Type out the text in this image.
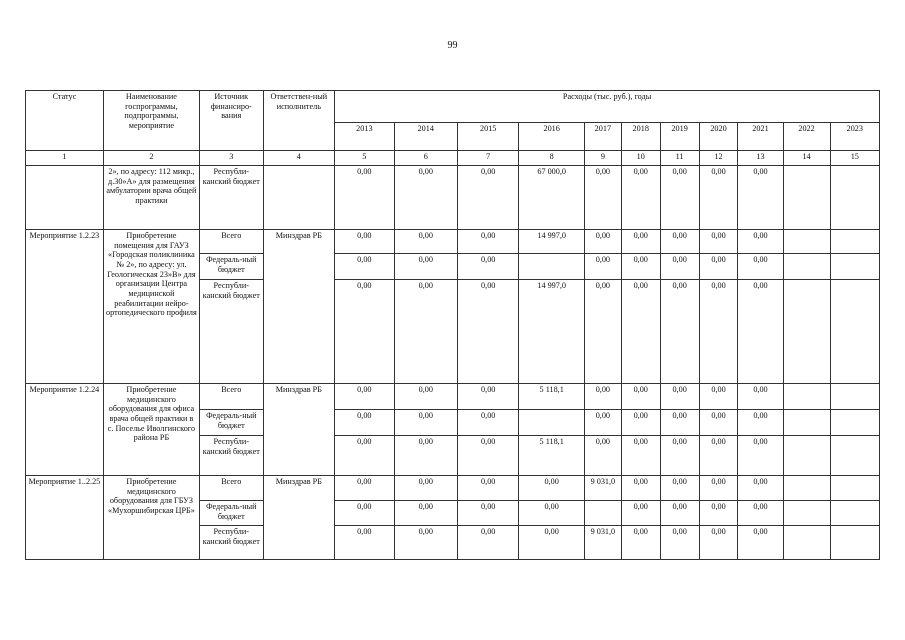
99
Статус	Наименование госпрограммы, подпрограммы, мероприятие	Источник финансиро-вания	Ответствен-ный исполнитель	Расходы (тыс. руб.), годы										
				2013	2014	2015	2016	2017	2018	2019	2020	2021	2022	2023
1	2	3	4	5	6	7	8	9	10	11	12	13	14	15
	2», по адресу: 112 микр., д.30»А» для размещения амбулатории врача общей практики	Республи-канский бюджет		0,00	0,00	0,00	67 000,0	0,00	0,00	0,00	0,00	0,00		
Мероприятие 1.2.23	Приобретение помещения для ГАУЗ «Городская поликлиника № 2», по адресу: ул. Геологическая 23»В» для организации Центра медицинской реабилитации нейро-ортопедического профиля	Всего	Минздрав РБ	0,00	0,00	0,00	14 997,0	0,00	0,00	0,00	0,00	0,00		
		Федераль-ный бюджет		0,00	0,00	0,00		0,00	0,00	0,00	0,00	0,00		
		Республи-канский бюджет		0,00	0,00	0,00	14 997,0	0,00	0,00	0,00	0,00	0,00		
Мероприятие 1.2.24	Приобретение медицинского оборудования для офиса врача общей практики в с. Поселье Иволгинского района РБ	Всего	Минздрав РБ	0,00	0,00	0,00	5 118,1	0,00	0,00	0,00	0,00	0,00		
		Федераль-ный бюджет		0,00	0,00	0,00		0,00	0,00	0,00	0,00	0,00		
		Республи-канский бюджет		0,00	0,00	0,00	5 118,1	0,00	0,00	0,00	0,00	0,00		
Мероприятие 1..2.25	Приобретение медицинского оборудования для ГБУЗ «Мухоршибирская ЦРБ»	Всего	Минздрав РБ	0,00	0,00	0,00	0,00	9 031,0	0,00	0,00	0,00	0,00		
		Федераль-ный бюджет		0,00	0,00	0,00	0,00		0,00	0,00	0,00	0,00		
		Республи-канский бюджет		0,00	0,00	0,00	0,00	9 031,0	0,00	0,00	0,00	0,00		
